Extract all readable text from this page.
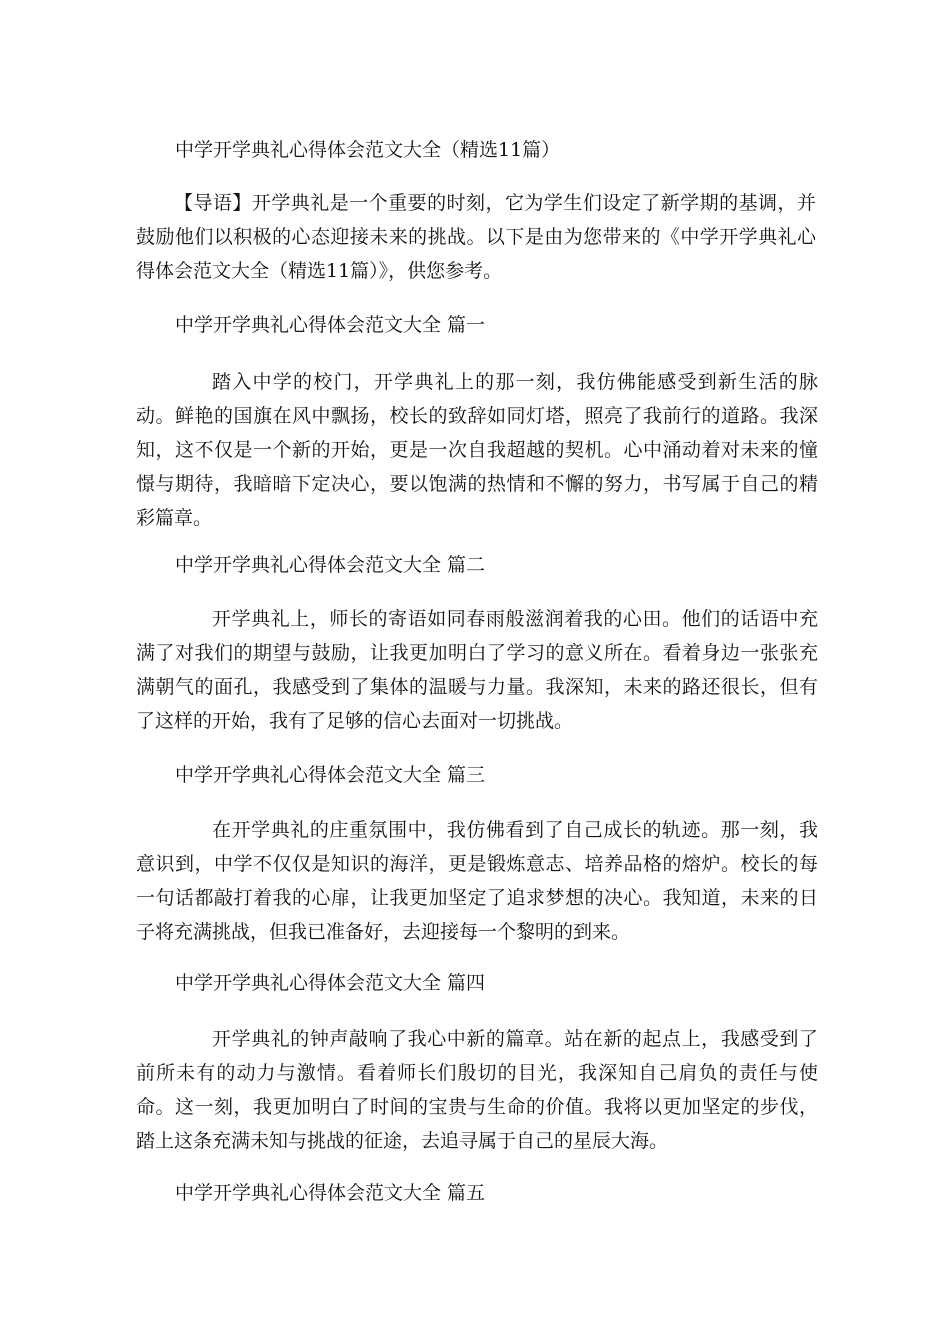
中学开学典礼心得体会范文大全（精选11篇）
【导语】开学典礼是一个重要的时刻，它为学生们设定了新学期的基调，并鼓励他们以积极的心态迎接未来的挑战。以下是由为您带来的《中学开学典礼心得体会范文大全（精选11篇）》，供您参考。
中学开学典礼心得体会范文大全 篇一
踏入中学的校门，开学典礼上的那一刻，我仿佛能感受到新生活的脉动。鲜艳的国旗在风中飘扬，校长的致辞如同灯塔，照亮了我前行的道路。我深知，这不仅是一个新的开始，更是一次自我超越的契机。心中涌动着对未来的憧憬与期待，我暗暗下定决心，要以饱满的热情和不懈的努力，书写属于自己的精彩篇章。
中学开学典礼心得体会范文大全 篇二
开学典礼上，师长的寄语如同春雨般滋润着我的心田。他们的话语中充满了对我们的期望与鼓励，让我更加明白了学习的意义所在。看着身边一张张充满朝气的面孔，我感受到了集体的温暖与力量。我深知，未来的路还很长，但有了这样的开始，我有了足够的信心去面对一切挑战。
中学开学典礼心得体会范文大全 篇三
在开学典礼的庄重氛围中，我仿佛看到了自己成长的轨迹。那一刻，我意识到，中学不仅仅是知识的海洋，更是锻炼意志、培养品格的熔炉。校长的每一句话都敲打着我的心扉，让我更加坚定了追求梦想的决心。我知道，未来的日子将充满挑战，但我已准备好，去迎接每一个黎明的到来。
中学开学典礼心得体会范文大全 篇四
开学典礼的钟声敲响了我心中新的篇章。站在新的起点上，我感受到了前所未有的动力与激情。看着师长们殷切的目光，我深知自己肩负的责任与使命。这一刻，我更加明白了时间的宝贵与生命的价值。我将以更加坚定的步伐，踏上这条充满未知与挑战的征途，去追寻属于自己的星辰大海。
中学开学典礼心得体会范文大全 篇五
